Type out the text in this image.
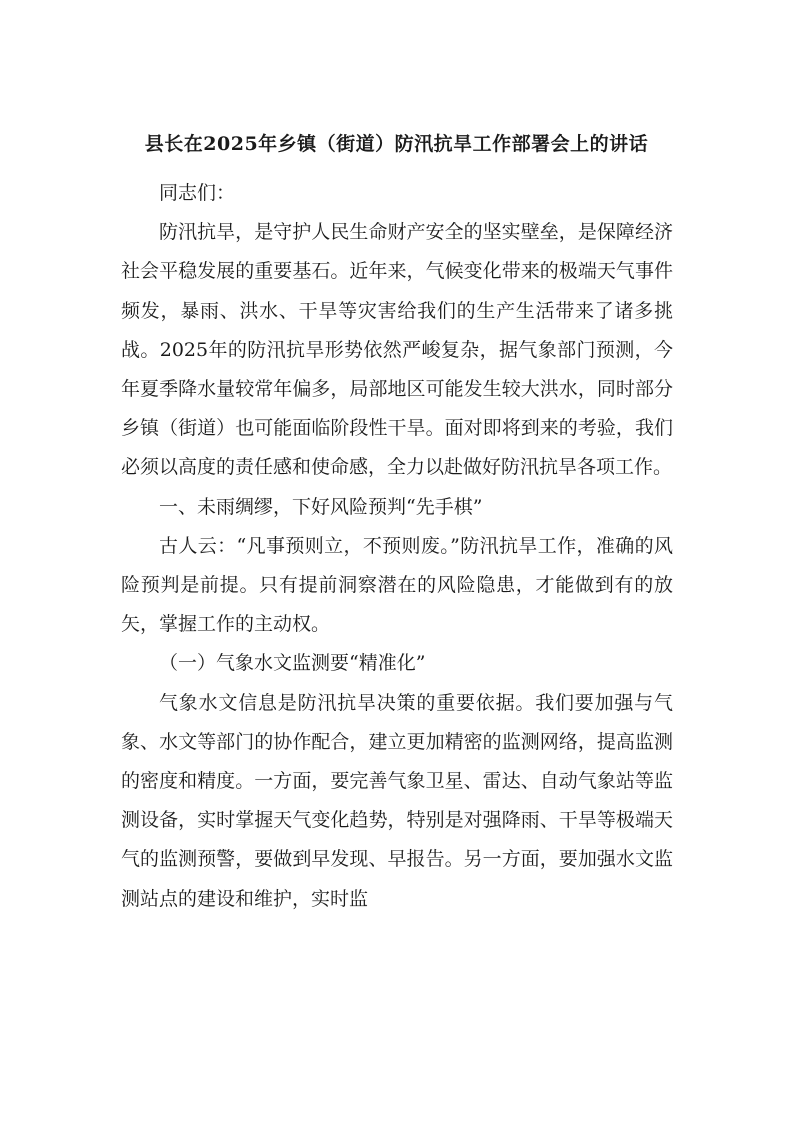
县长在2025年乡镇（街道）防汛抗旱工作部署会上的讲话

同志们：

防汛抗旱，是守护人民生命财产安全的坚实壁垒，是保障经济社会平稳发展的重要基石。近年来，气候变化带来的极端天气事件频发，暴雨、洪水、干旱等灾害给我们的生产生活带来了诸多挑战。2025年的防汛抗旱形势依然严峻复杂，据气象部门预测，今年夏季降水量较常年偏多，局部地区可能发生较大洪水，同时部分乡镇（街道）也可能面临阶段性干旱。面对即将到来的考验，我们必须以高度的责任感和使命感，全力以赴做好防汛抗旱各项工作。

一、未雨绸缪，下好风险预判“先手棋”

古人云：“凡事预则立，不预则废。”防汛抗旱工作，准确的风险预判是前提。只有提前洞察潜在的风险隐患，才能做到有的放矢，掌握工作的主动权。

（一）气象水文监测要“精准化”

气象水文信息是防汛抗旱决策的重要依据。我们要加强与气象、水文等部门的协作配合，建立更加精密的监测网络，提高监测的密度和精度。一方面，要完善气象卫星、雷达、自动气象站等监测设备，实时掌握天气变化趋势，特别是对强降雨、干旱等极端天气的监测预警，要做到早发现、早报告。另一方面，要加强水文监测站点的建设和维护，实时监
